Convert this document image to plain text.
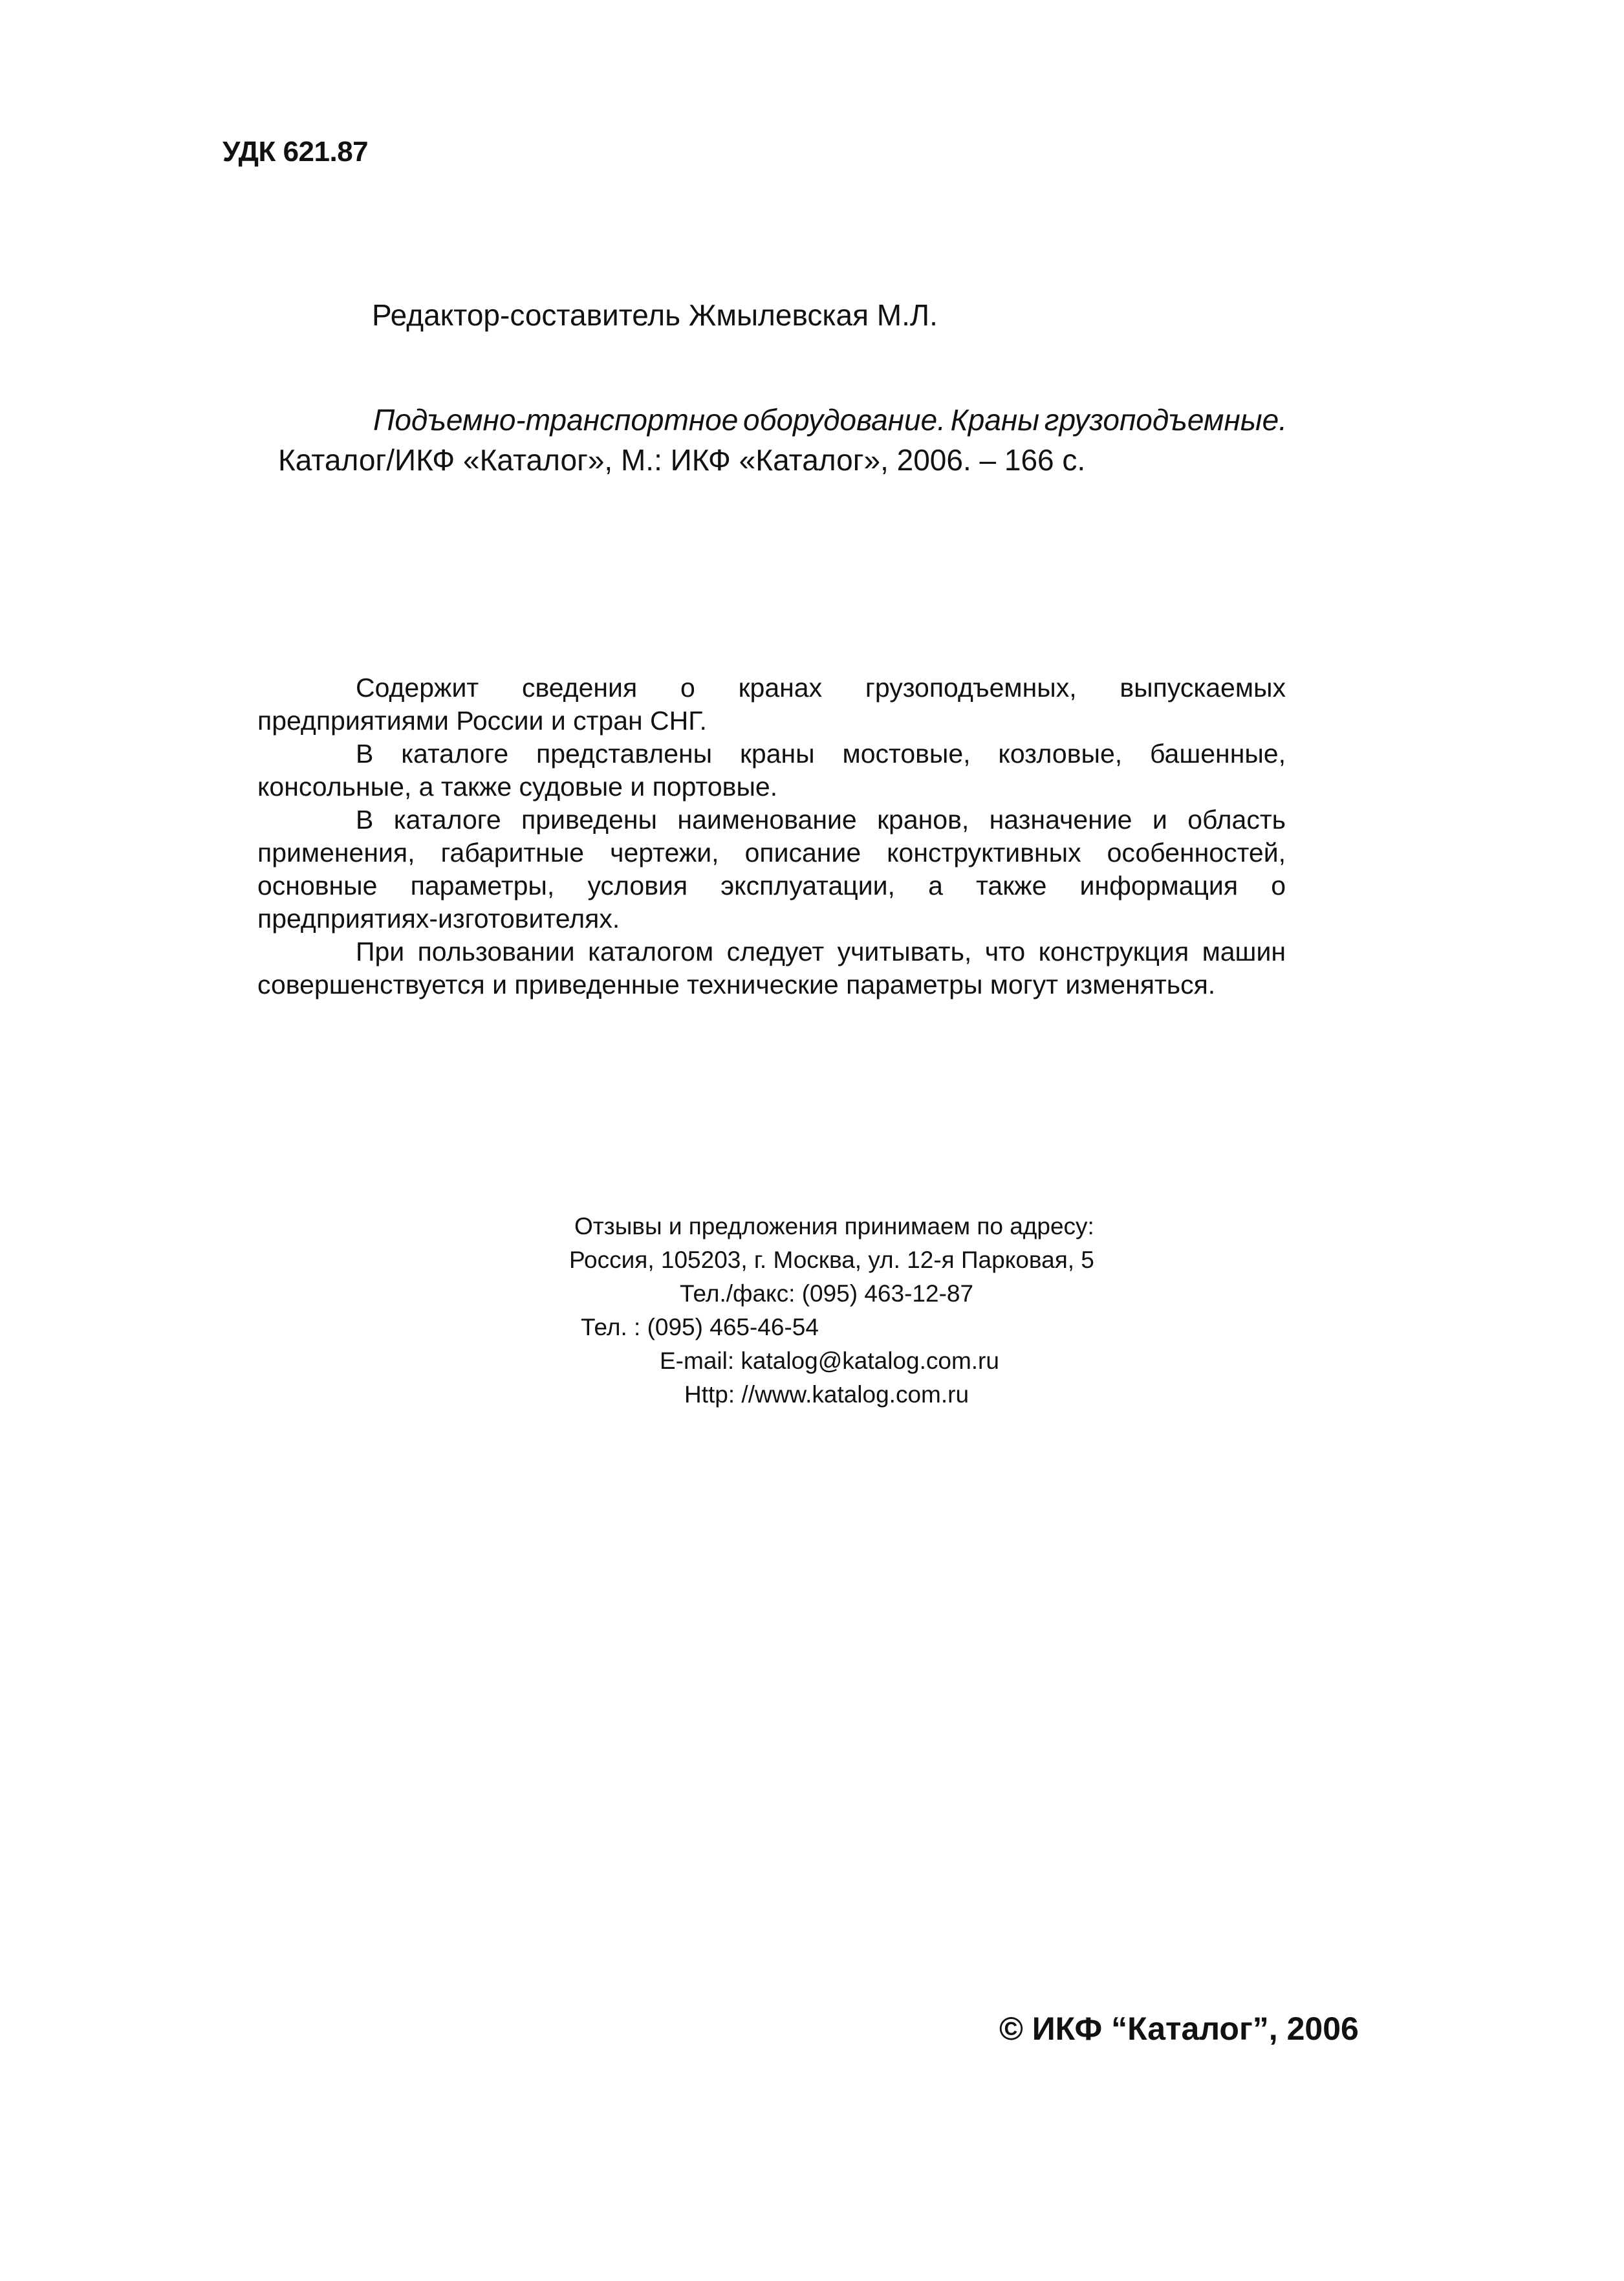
УДК 621.87
Редактор-составитель Жмылевская М.Л.
Подъемно-транспортное оборудование. Краны грузоподъемные.
Каталог/ИКФ «Каталог», М.: ИКФ «Каталог», 2006. – 166 с.

Содержит сведения о кранах грузоподъемных, выпускаемых предприятиями России и стран СНГ.

В каталоге представлены краны мостовые, козловые, башенные, консольные, а также судовые и портовые.

В каталоге приведены наименование кранов, назначение и область применения, габаритные чертежи, описание конструктивных особенностей, основные параметры, условия эксплуатации, а также информация о предприятиях-изготовителях.

При пользовании каталогом следует учитывать, что конструкция машин совершенствуется и приведенные технические параметры могут изменяться.

Отзывы и предложения принимаем по адресу:
Россия, 105203, г. Москва, ул. 12-я Парковая, 5
Тел./факс: (095) 463-12-87
Тел. : (095) 465-46-54
E-mail: katalog@katalog.com.ru
Http: //www.katalog.com.ru
© ИКФ “Каталог”, 2006
